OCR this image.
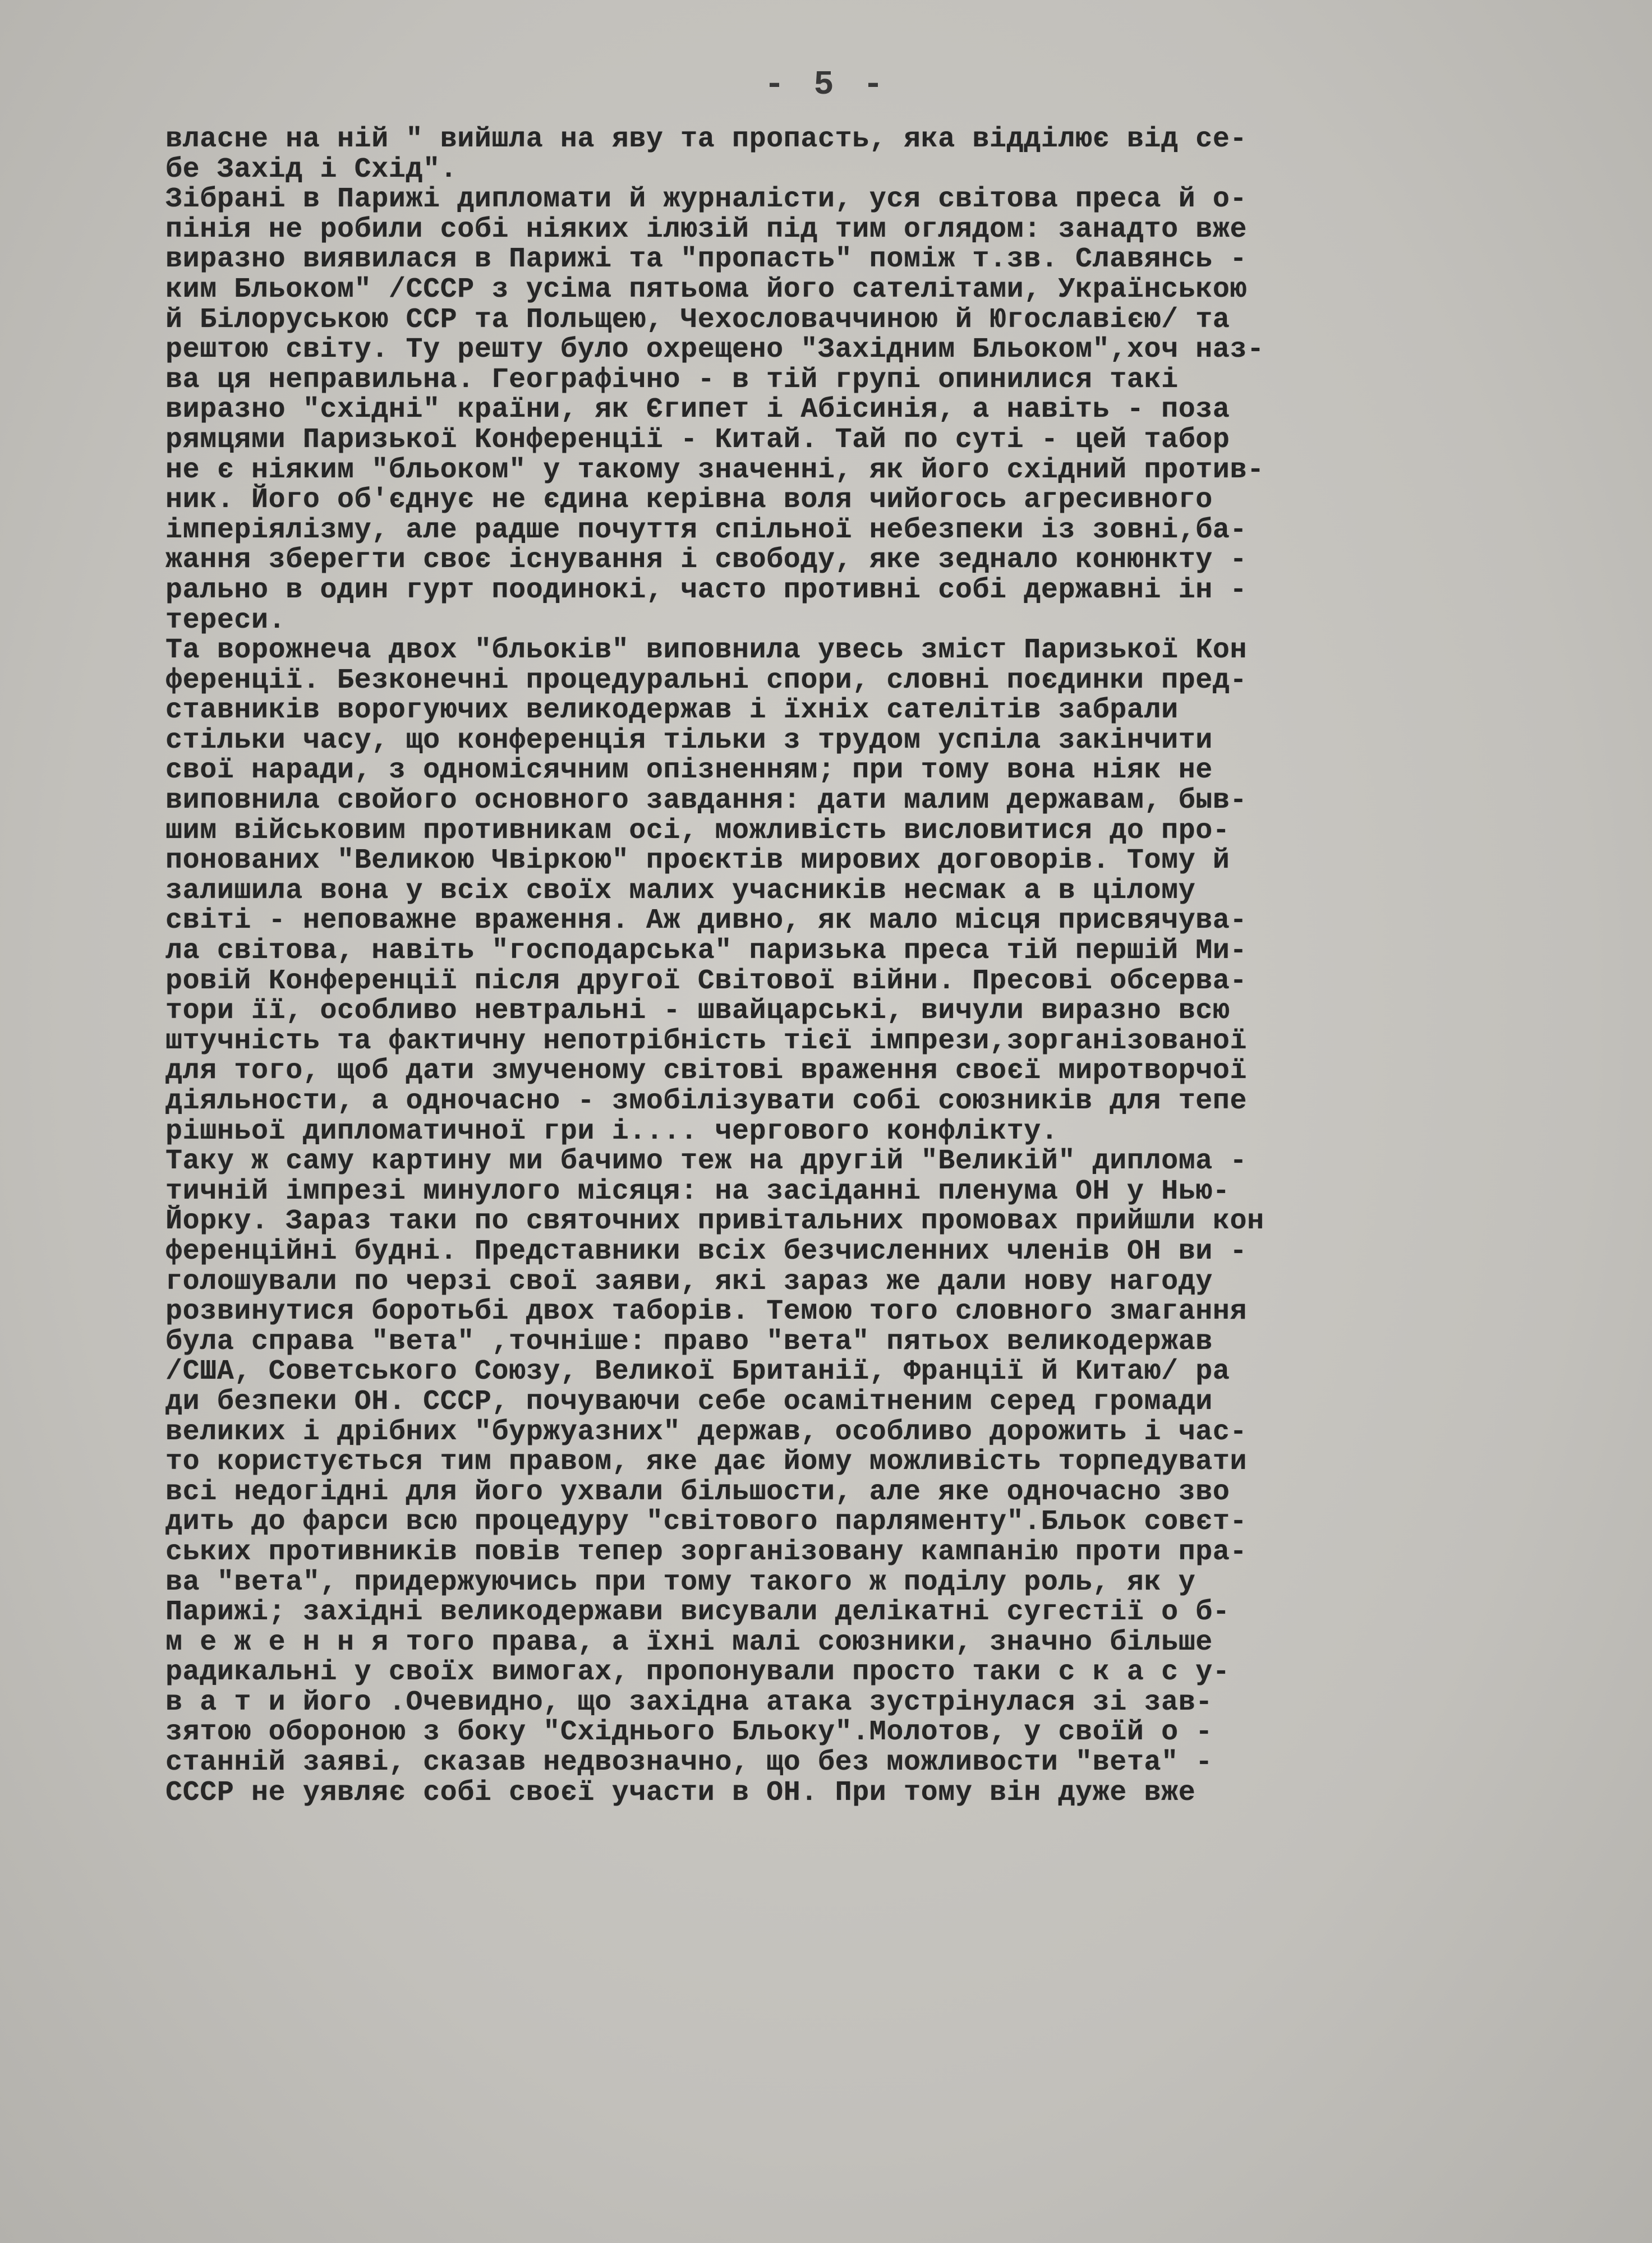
- 5 -
власне на ній " вийшла на яву та пропасть, яка відділює від се-
бе Захід і Схід".
Зібрані в Парижі дипломати й журналісти, уся світова преса й о-
пінія не робили собі ніяких ілюзій під тим оглядом: занадто вже
виразно виявилася в Парижі та "пропасть" поміж т.зв. Славянсь -
ким Бльоком" /СССР з усіма пятьома його сателітами, Українською
й Білоруською ССР та Польщею, Чехословаччиною й Югославією/ та
рештою світу. Ту решту було охрещено "Західним Бльоком",хоч наз-
ва ця неправильна. Географічно - в тій групі опинилися такі
виразно "східні" країни, як Єгипет і Абісинія, а навіть - поза
рямцями Паризької Конференції - Китай. Тай по суті - цей табор
не є ніяким "бльоком" у такому значенні, як його східний против-
ник. Його об'єднує не єдина керівна воля чийогось агресивного
імперіялізму, але радше почуття спільної небезпеки із зовні,ба-
жання зберегти своє існування і свободу, яке зеднало конюнкту -
рально в один гурт поодинокі, часто противні собі державні ін -
тереси.
Та ворожнеча двох "бльоків" виповнила увесь зміст Паризької Кон
ференції. Безконечні процедуральні спори, словні поєдинки пред-
ставників ворогуючих великодержав і їхніх сателітів забрали
стільки часу, що конференція тільки з трудом успіла закінчити
свої наради, з одномісячним опізненням; при тому вона ніяк не
виповнила свойого основного завдання: дати малим державам, быв-
шим військовим противникам осі, можливість висловитися до про-
понованих "Великою Чвіркою" проєктів мирових договорів. Тому й
залишила вона у всіх своїх малих учасників несмак а в цілому
світі - неповажне враження. Аж дивно, як мало місця присвячува-
ла світова, навіть "господарська" паризька преса тій першій Ми-
ровій Конференції після другої Світової війни. Пресові обсерва-
тори її, особливо невтральні - швайцарські, вичули виразно всю
штучність та фактичну непотрібність тієї імпрези,зорганізованої
для того, щоб дати змученому світові враження своєї миротворчої
діяльности, а одночасно - змобілізувати собі союзників для тепе
рішньої дипломатичної гри і.... чергового конфлікту.
Таку ж саму картину ми бачимо теж на другій "Великій" диплома -
тичній імпрезі минулого місяця: на засіданні пленума ОН у Нью-
Йорку. Зараз таки по святочних привітальних промовах прийшли кон
ференційні будні. Представники всіх безчисленних членів ОН ви -
голошували по черзі свої заяви, які зараз же дали нову нагоду
розвинутися боротьбі двох таборів. Темою того словного змагання
була справа "вета" ,точніше: право "вета" пятьох великодержав
/США, Советського Союзу, Великої Британії, Франції й Китаю/ ра
ди безпеки ОН. СССР, почуваючи себе осамітненим серед громади
великих і дрібних "буржуазних" держав, особливо дорожить і час-
то користується тим правом, яке дає йому можливість торпедувати
всі недогідні для його ухвали більшости, але яке одночасно зво
дить до фарси всю процедуру "світового парляменту".Бльок совєт-
ських противників повів тепер зорганізовану кампанію проти пра-
ва "вета", придержуючись при тому такого ж поділу роль, як у
Парижі; західні великодержави висували делікатні сугестії о б-
м е ж е н н я того права, а їхні малі союзники, значно більше
радикальні у своїх вимогах, пропонували просто таки с к а с у-
в а т и його .Очевидно, що західна атака зустрінулася зі зав-
зятою обороною з боку "Східнього Бльоку".Молотов, у своїй о -
станній заяві, сказав недвозначно, що без можливости "вета" -
СССР не уявляє собі своєї участи в ОН. При тому він дуже вже
